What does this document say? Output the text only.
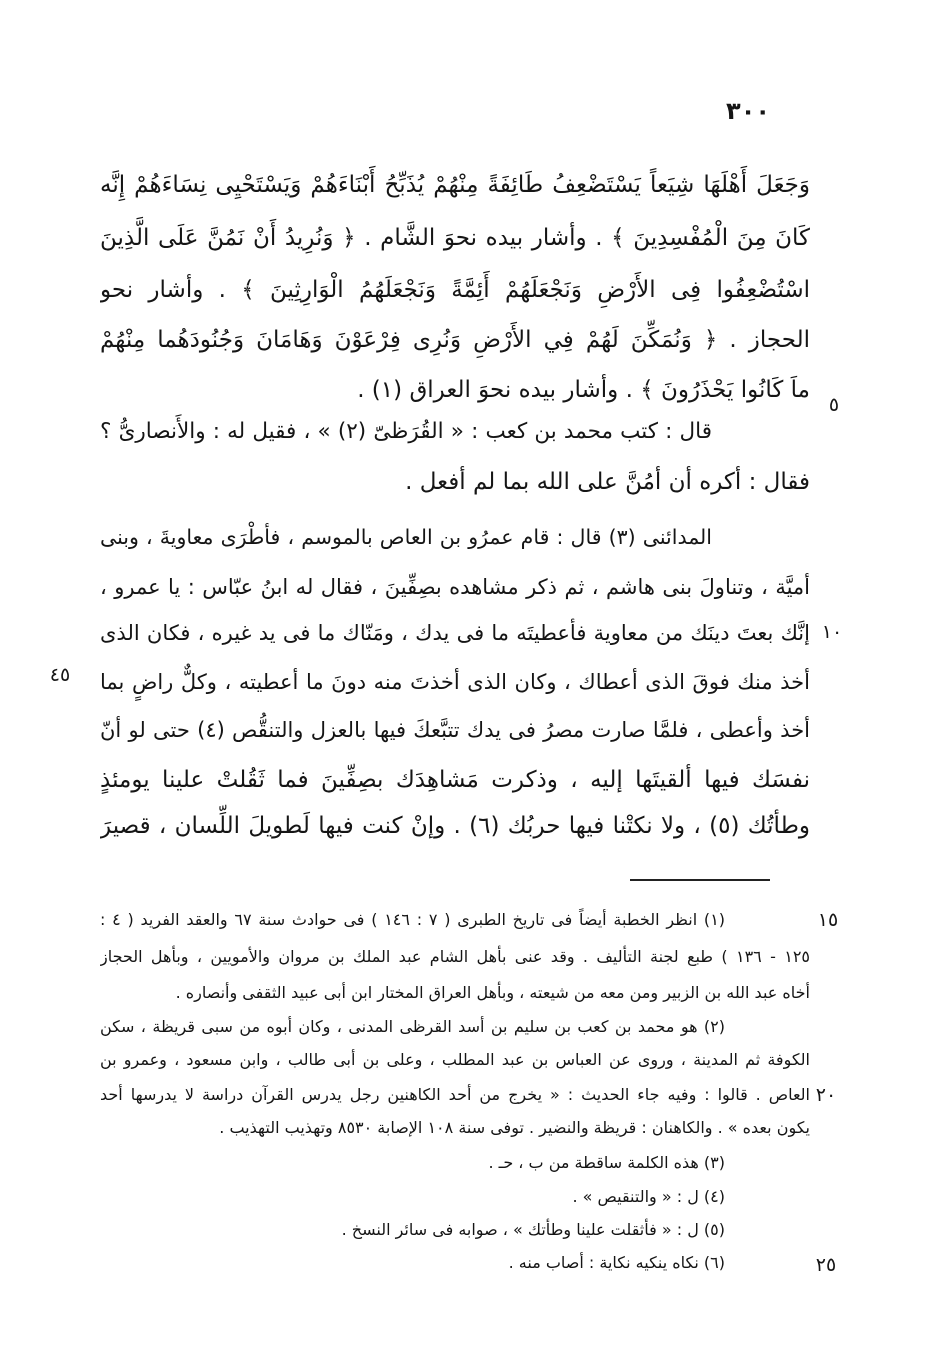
٣٠٠
وَجَعَلَ أَهْلَهَا شِيَعاً يَسْتَضْعِفُ طَائِفَةً مِنْهُمْ يُذَبِّحُ أَبْنَاءَهُمْ وَيَسْتَحْيِى نِسَاءَهُمْ إِنَّه
كَانَ مِنَ الْمُفْسِدِينَ ﴾ . وأشار بيده نحوَ الشَّام . ﴿ وَنُرِيدُ أَنْ نَمُنَّ عَلَى الَّذِينَ
اسْتُضْعِفُوا فِى الأَرْضِ وَنَجْعَلَهُمْ أَئِمَّةً وَنَجْعَلَهُمُ الْوَارِثِينَ ﴾ . وأشار نحو
الحجاز . ﴿ وَنُمَكِّنَ لَهُمْ فِي الأَرْضِ وَنُرِى فِرْعَوْنَ وَهَامَانَ وَجُنُودَهُما مِنْهُمْ
ماَ كَانُوا يَحْذَرُونَ ﴾ . وأشار بيده نحوَ العراق (١) .
قال : كتب محمد بن كعب : « القُرَظىّ (٢) » ، فقيل له : والأَنصارىُّ ؟
فقال : أكره أن أمُنَّ على الله بما لم أفعل .
المدائنى (٣) قال : قام عمرُو بن العاص بالموسم ، فأطْرَى معاويةَ ، وبنى
أميَّة ، وتناولَ بنى هاشم ، ثم ذكر مشاهده بصِفِّينَ ، فقال له ابنُ عبّاس : يا عمرو ،
إنَّك بعتَ دينَك من معاوية فأعطيتَه ما فى يدك ، ومَنّاك ما فى يد غيره ، فكان الذى
أخذ منك فوقَ الذى أعطاك ، وكان الذى أخذتَ منه دونَ ما أعطيته ، وكلٌّ راضٍ بما
أخذ وأعطى ، فلمَّا صارت مصرُ فى يدك تتبَّعكَ فيها بالعزل والتنقُّص (٤) حتى لو أنّ
نفسَك فيها ألقيتَها إليه ، وذكرت مَشاهِدَك بصِفِّينَ فما ثَقُلتْ علينا يومئذٍ
وطأتُك (٥) ، ولا نكتْنا فيها حربُك (٦) . وإنْ كنت فيها لَطويلَ اللِّسان ، قصيرَ
(١) انظر الخطبة أيضاً فى تاريخ الطبرى ( ٧ : ١٤٦ ) فى حوادث سنة ٦٧ والعقد الفريد ( ٤ :
١٢٥ - ١٣٦ ) طبع لجنة التأليف . وقد عنى بأهل الشام عبد الملك بن مروان والأمويين ، وبأهل الحجاز
أخاه عبد الله بن الزبير ومن معه من شيعته ، وبأهل العراق المختار ابن أبى عبيد الثقفى وأنصاره .
(٢) هو محمد بن كعب بن سليم بن أسد القرظى المدنى ، وكان أبوه من سبى قريظة ، سكن
الكوفة ثم المدينة ، وروى عن العباس بن عبد المطلب ، وعلى بن أبى طالب ، وابن مسعود ، وعمرو بن
العاص . قالوا : وفيه جاء الحديث : « يخرج من أحد الكاهنين رجل يدرس القرآن دراسة لا يدرسها أحد
يكون بعده » . والكاهنان : قريظة والنضير . توفى سنة ١٠٨ الإصابة ٨٥٣٠ وتهذيب التهذيب .
(٣) هذه الكلمة ساقطة من ب ، حـ .
(٤) ل : « والتنقيص » .
(٥) ل : « فأثقلت علينا وطأتك » ، صوابه فى سائر النسخ .
(٦) نكاه ينكيه نكاية : أصاب منه .
٥
١٠
٤٥
١٥
٢٠
٢٥
